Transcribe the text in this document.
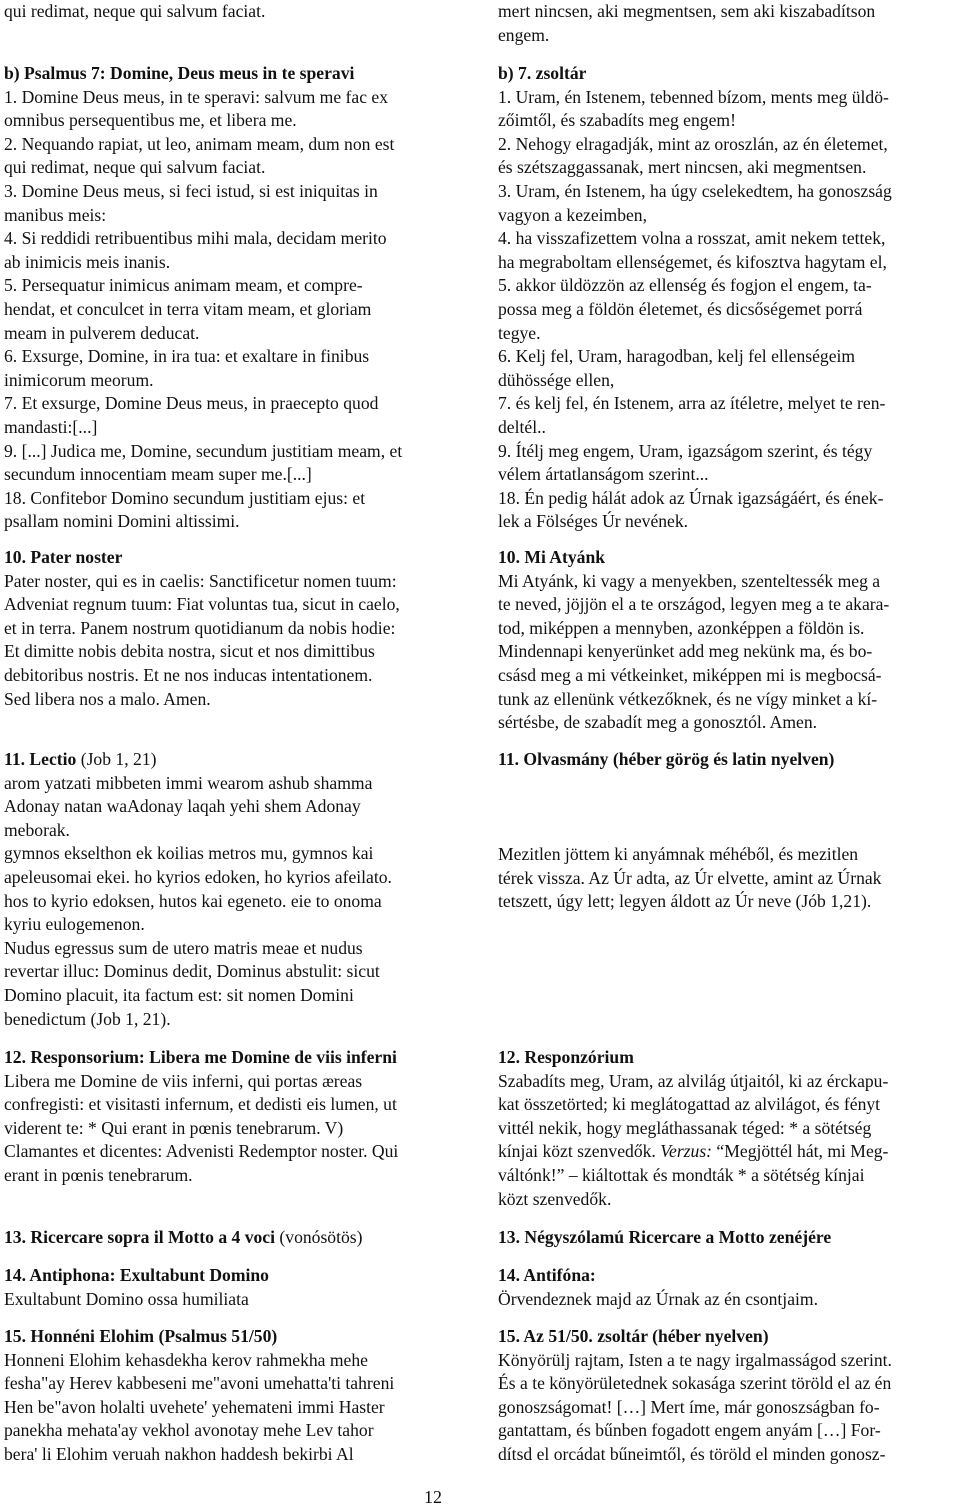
qui redimat, neque qui salvum faciat.
b) Psalmus 7: Domine, Deus meus in te speravi
1. Domine Deus meus, in te speravi: salvum me fac ex
omnibus persequentibus me, et libera me.
2. Nequando rapiat, ut leo, animam meam, dum non est
qui redimat, neque qui salvum faciat.
3. Domine Deus meus, si feci istud, si est iniquitas in
manibus meis:
4. Si reddidi retribuentibus mihi mala, decidam merito
ab inimicis meis inanis.
5. Persequatur inimicus animam meam, et compre-
hendat, et conculcet in terra vitam meam, et gloriam
meam in pulverem deducat.
6. Exsurge, Domine, in ira tua: et exaltare in finibus
inimicorum meorum.
7. Et exsurge, Domine Deus meus, in praecepto quod
mandasti:[...]
9. [...] Judica me, Domine, secundum justitiam meam, et
secundum innocentiam meam super me.[...]
18. Confitebor Domino secundum justitiam ejus: et
psallam nomini Domini altissimi.
10. Pater noster
Pater noster, qui es in caelis: Sanctificetur nomen tuum:
Adveniat regnum tuum: Fiat voluntas tua, sicut in caelo,
et in terra. Panem nostrum quotidianum da nobis hodie:
Et dimitte nobis debita nostra, sicut et nos dimittibus
debitoribus nostris. Et ne nos inducas intentationem.
Sed libera nos a malo. Amen.
11. Lectio (Job 1, 21)
arom yatzati mibbeten immi wearom ashub shamma
Adonay natan waAdonay laqah yehi shem Adonay
meborak.
gymnos ekselthon ek koilias metros mu, gymnos kai
apeleusomai ekei. ho kyrios edoken, ho kyrios afeilato.
hos to kyrio edoksen, hutos kai egeneto. eie to onoma
kyriu eulogemenon.
Nudus egressus sum de utero matris meae et nudus
revertar illuc: Dominus dedit, Dominus abstulit: sicut
Domino placuit, ita factum est: sit nomen Domini
benedictum (Job 1, 21).
12. Responsorium: Libera me Domine de viis inferni
Libera me Domine de viis inferni, qui portas æreas
confregisti: et visitasti infernum, et dedisti eis lumen, ut
viderent te: * Qui erant in pœnis tenebrarum. V)
Clamantes et dicentes: Advenisti Redemptor noster. Qui
erant in pœnis tenebrarum.
13. Ricercare sopra il Motto a 4 voci (vonósötös)
14. Antiphona: Exultabunt Domino
Exultabunt Domino ossa humiliata
15. Honnéni Elohim (Psalmus 51/50)
Honneni Elohim kehasdekha kerov rahmekha mehe
fesha"ay Herev kabbeseni me"avoni umehatta'ti tahreni
Hen be"avon holalti uvehete' yehemateni immi Haster
panekha mehata'ay vekhol avonotay mehe Lev tahor
bera' li Elohim veruah nakhon haddesh bekirbi Al
mert nincsen, aki megmentsen, sem aki kiszabadítson
engem.
b) 7. zsoltár
1. Uram, én Istenem, tebenned bízom, ments meg üldö-
zőimtől, és szabadíts meg engem!
2. Nehogy elragadják, mint az oroszlán, az én életemet,
és szétszaggassanak, mert nincsen, aki megmentsen.
3. Uram, én Istenem, ha úgy cselekedtem, ha gonoszság
vagyon a kezeimben,
4. ha visszafizettem volna a rosszat, amit nekem tettek,
ha megraboltam ellenségemet, és kifosztva hagytam el,
5. akkor üldözzön az ellenség és fogjon el engem, ta-
possa meg a földön életemet, és dicsőségemet porrá
tegye.
6. Kelj fel, Uram, haragodban, kelj fel ellenségeim
dühössége ellen,
7. és kelj fel, én Istenem, arra az ítéletre, melyet te ren-
deltél..
9. Ítélj meg engem, Uram, igazságom szerint, és tégy
vélem ártatlanságom szerint...
18. Én pedig hálát adok az Úrnak igazságáért, és ének-
lek a Fölséges Úr nevének.
10. Mi Atyánk
Mi Atyánk, ki vagy a menyekben, szenteltessék meg a
te neved, jöjjön el a te országod, legyen meg a te akara-
tod, miképpen a mennyben, azonképpen a földön is.
Mindennapi kenyerünket add meg nekünk ma, és bo-
csásd meg a mi vétkeinket, miképpen mi is megbocsá-
tunk az ellenünk vétkezőknek, és ne vígy minket a kí-
sértésbe, de szabadít meg a gonosztól. Amen.
11. Olvasmány (héber görög és latin nyelven)
Mezitlen jöttem ki anyámnak méhéből, és mezitlen
térek vissza. Az Úr adta, az Úr elvette, amint az Úrnak
tetszett, úgy lett; legyen áldott az Úr neve (Jób 1,21).
12. Responzórium
Szabadíts meg, Uram, az alvilág útjaitól, ki az érckapu-
kat összetörted; ki meglátogattad az alvilágot, és fényt
vittél nekik, hogy megláthassanak téged: * a sötétség
kínjai közt szenvedők. Verzus: “Megjöttél hát, mi Meg-
váltónk!” – kiáltottak és mondták * a sötétség kínjai
közt szenvedők.
13. Négyszólamú Ricercare a Motto zenéjére
14. Antifóna:
Örvendeznek majd az Úrnak az én csontjaim.
15. Az 51/50. zsoltár (héber nyelven)
Könyörülj rajtam, Isten a te nagy irgalmasságod szerint.
És a te könyörületednek sokasága szerint töröld el az én
gonoszságomat! […] Mert íme, már gonoszságban fo-
gantattam, és bűnben fogadott engem anyám […] For-
dítsd el orcádat bűneimtől, és töröld el minden gonosz-
12
